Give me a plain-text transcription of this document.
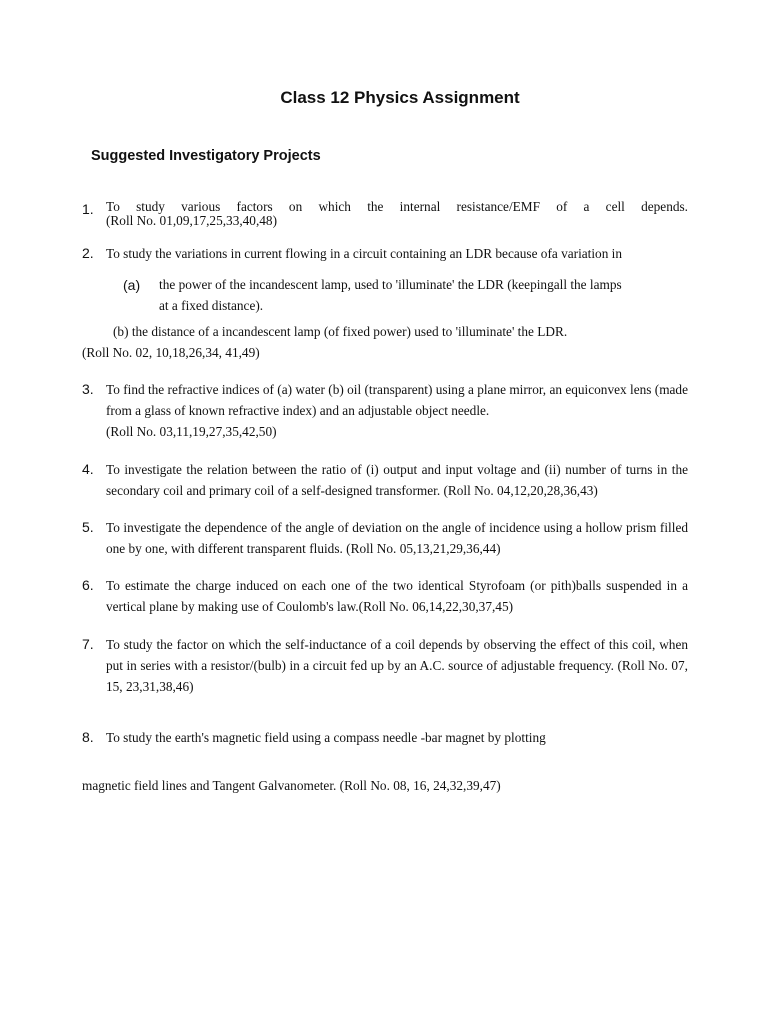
Class 12 Physics Assignment
Suggested Investigatory Projects
1. To study various factors on which the internal resistance/EMF of a cell depends.
(Roll No. 01,09,17,25,33,40,48)
2. To study the variations in current flowing in a circuit containing an LDR because ofa variation in
(a) the power of the incandescent lamp, used to 'illuminate' the LDR (keepingall the lamps
at a fixed distance).
(b) the distance of a incandescent lamp (of fixed power) used to 'illuminate' the LDR.
(Roll No. 02, 10,18,26,34, 41,49)
3. To find the refractive indices of (a) water (b) oil (transparent) using a plane mirror, an equiconvex lens (made from a glass of known refractive index) and an adjustable object needle.
(Roll No. 03,11,19,27,35,42,50)
4. To investigate the relation between the ratio of (i) output and input voltage and (ii) number of turns in the secondary coil and primary coil of a self-designed transformer. (Roll No. 04,12,20,28,36,43)
5. To investigate the dependence of the angle of deviation on the angle of incidence using a hollow prism filled one by one, with different transparent fluids. (Roll No. 05,13,21,29,36,44)
6. To estimate the charge induced on each one of the two identical Styrofoam (or pith)balls suspended in a vertical plane by making use of Coulomb's law.(Roll No. 06,14,22,30,37,45)
7. To study the factor on which the self-inductance of a coil depends by observing the effect of this coil, when put in series with a resistor/(bulb) in a circuit fed up by an A.C. source of adjustable frequency. (Roll No. 07, 15, 23,31,38,46)
8. To study the earth's magnetic field using a compass needle -bar magnet by plotting
magnetic field lines and Tangent Galvanometer. (Roll No. 08, 16, 24,32,39,47)
